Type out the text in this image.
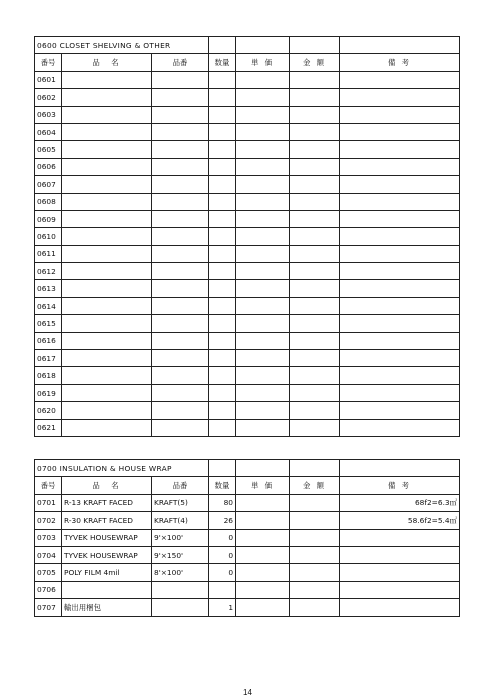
0600 CLOSET SHELVING & OTHER						
番号	品　名	品番	数量	単 価	金 額	備 考
0601						
0602						
0603						
0604						
0605						
0606						
0607						
0608						
0609						
0610						
0611						
0612						
0613						
0614						
0615						
0616						
0617						
0618						
0619						
0620						
0621						
0700 INSULATION & HOUSE WRAP						
番号	品　名	品番	数量	単 価	金 額	備 考
0701	R-13 KRAFT FACED	KRAFT(5)	80			68f2=6.3㎡
0702	R-30 KRAFT FACED	KRAFT(4)	26			58.6f2=5.4㎡
0703	TYVEK HOUSEWRAP	9'×100'	0			
0704	TYVEK HOUSEWRAP	9'×150'	0			
0705	POLY FILM 4mil	8'×100'	0			
0706						
0707	輸出用梱包		1			
14
